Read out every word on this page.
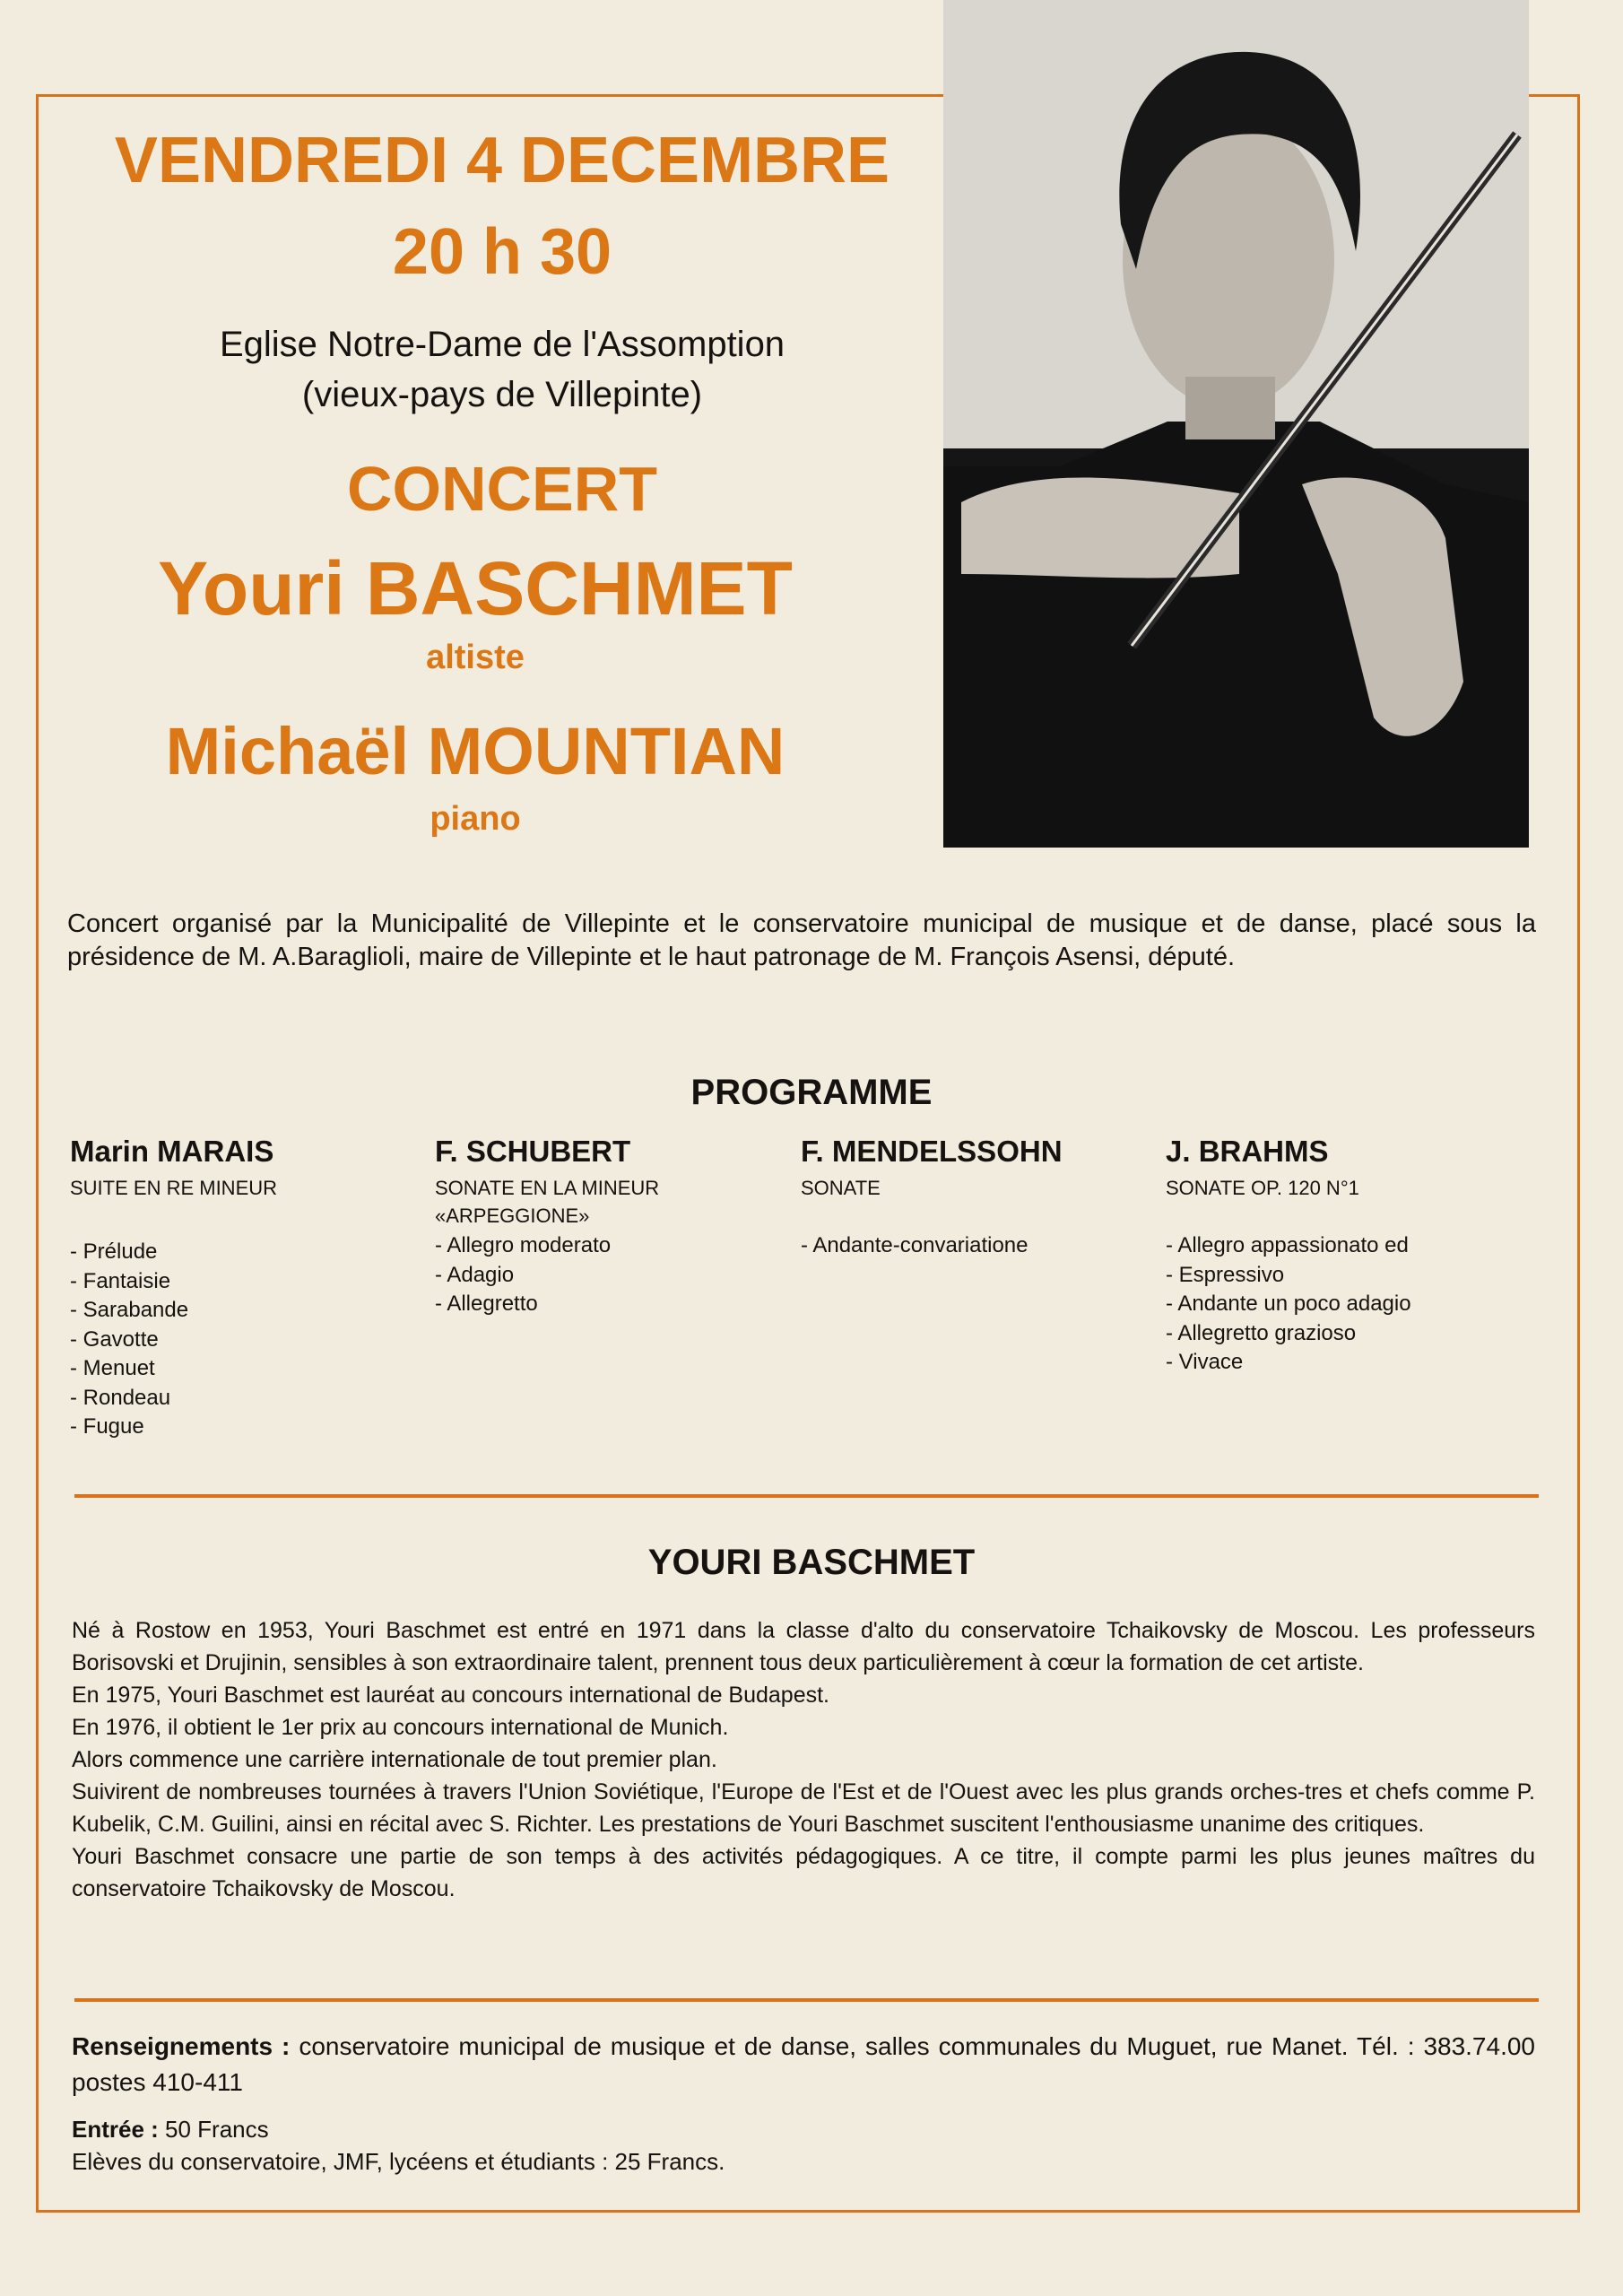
VENDREDI 4 DECEMBRE
20 h 30
Eglise Notre-Dame de l'Assomption
(vieux-pays de Villepinte)
CONCERT
Youri BASCHMET
altiste
Michaël MOUNTIAN
piano
Concert organisé par la Municipalité de Villepinte et le conservatoire municipal de musique et de danse, placé sous la présidence de M. A.Baraglioli, maire de Villepinte et le haut patronage de M. François Asensi, député.
PROGRAMME
Marin MARAIS
SUITE EN RE MINEUR
- Prélude
- Fantaisie
- Sarabande
- Gavotte
- Menuet
- Rondeau
- Fugue
F. SCHUBERT
SONATE EN LA MINEUR
«ARPEGGIONE»
- Allegro moderato
- Adagio
- Allegretto
F. MENDELSSOHN
SONATE
- Andante-convariatione
J. BRAHMS
SONATE OP. 120 N°1
- Allegro appassionato ed
- Espressivo
- Andante un poco adagio
- Allegretto grazioso
- Vivace
YOURI BASCHMET

Né à Rostow en 1953, Youri Baschmet est entré en 1971 dans la classe d'alto du conservatoire Tchaikovsky de Moscou. Les professeurs Borisovski et Drujinin, sensibles à son extraordinaire talent, prennent tous deux particulièrement à cœur la formation de cet artiste.

En 1975, Youri Baschmet est lauréat au concours international de Budapest.

En 1976, il obtient le 1er prix au concours international de Munich.

Alors commence une carrière internationale de tout premier plan.

Suivirent de nombreuses tournées à travers l'Union Soviétique, l'Europe de l'Est et de l'Ouest avec les plus grands orches-tres et chefs comme P. Kubelik, C.M. Guilini, ainsi en récital avec S. Richter. Les prestations de Youri Baschmet suscitent l'enthousiasme unanime des critiques.

Youri Baschmet consacre une partie de son temps à des activités pédagogiques. A ce titre, il compte parmi les plus jeunes maîtres du conservatoire Tchaikovsky de Moscou.

Renseignements : conservatoire municipal de musique et de danse, salles communales du Muguet, rue Manet. Tél. : 383.74.00 postes 410-411

Entrée : 50 Francs

Elèves du conservatoire, JMF, lycéens et étudiants : 25 Francs.
